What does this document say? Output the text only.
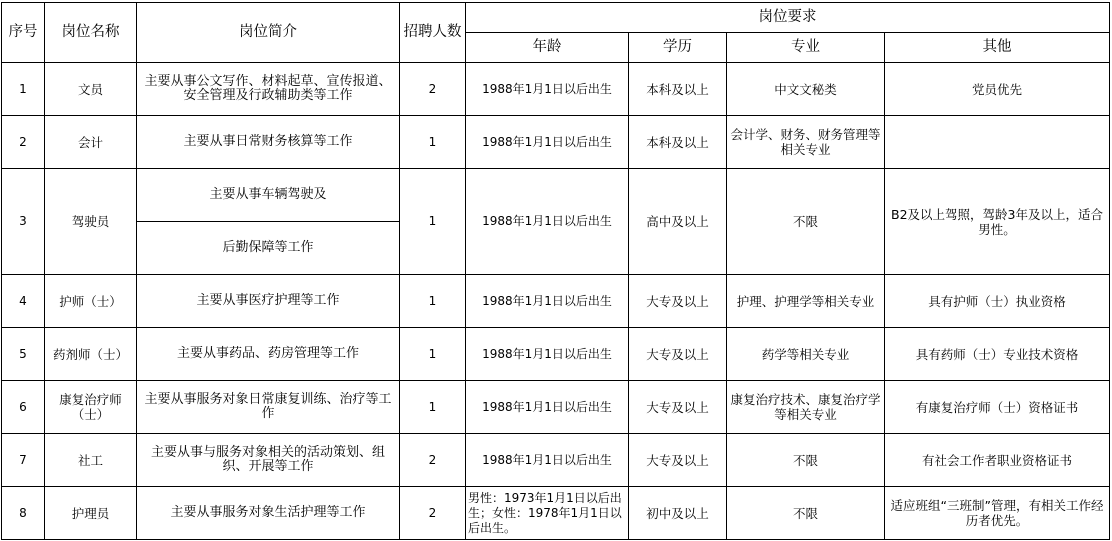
序号	岗位名称	岗位简介	招聘人数	岗位要求			
				年龄	学历	专业	其他
1	文员	主要从事公文写作、材料起草、宣传报道、安全管理及行政辅助类等工作	2	1988年1月1日以后出生	本科及以上	中文文秘类	党员优先
2	会计	主要从事日常财务核算等工作	1	1988年1月1日以后出生	本科及以上	会计学、财务、财务管理等相关专业	
3	驾驶员	主要从事车辆驾驶及	1	1988年1月1日以后出生	高中及以上	不限	B2及以上驾照，驾龄3年及以上，适合男性。
		后勤保障等工作					
4	护师（士）	主要从事医疗护理等工作	1	1988年1月1日以后出生	大专及以上	护理、护理学等相关专业	具有护师（士）执业资格
5	药剂师（士）	主要从事药品、药房管理等工作	1	1988年1月1日以后出生	大专及以上	药学等相关专业	具有药师（士）专业技术资格
6	康复治疗师（士）	主要从事服务对象日常康复训练、治疗等工作	1	1988年1月1日以后出生	大专及以上	康复治疗技术、康复治疗学等相关专业	有康复治疗师（士）资格证书
7	社工	主要从事与服务对象相关的活动策划、组织、开展等工作	2	1988年1月1日以后出生	大专及以上	不限	有社会工作者职业资格证书
8	护理员	主要从事服务对象生活护理等工作	2	男性：1973年1月1日以后出生；女性：1978年1月1日以后出生。	初中及以上	不限	适应班组“三班制”管理，有相关工作经历者优先。
